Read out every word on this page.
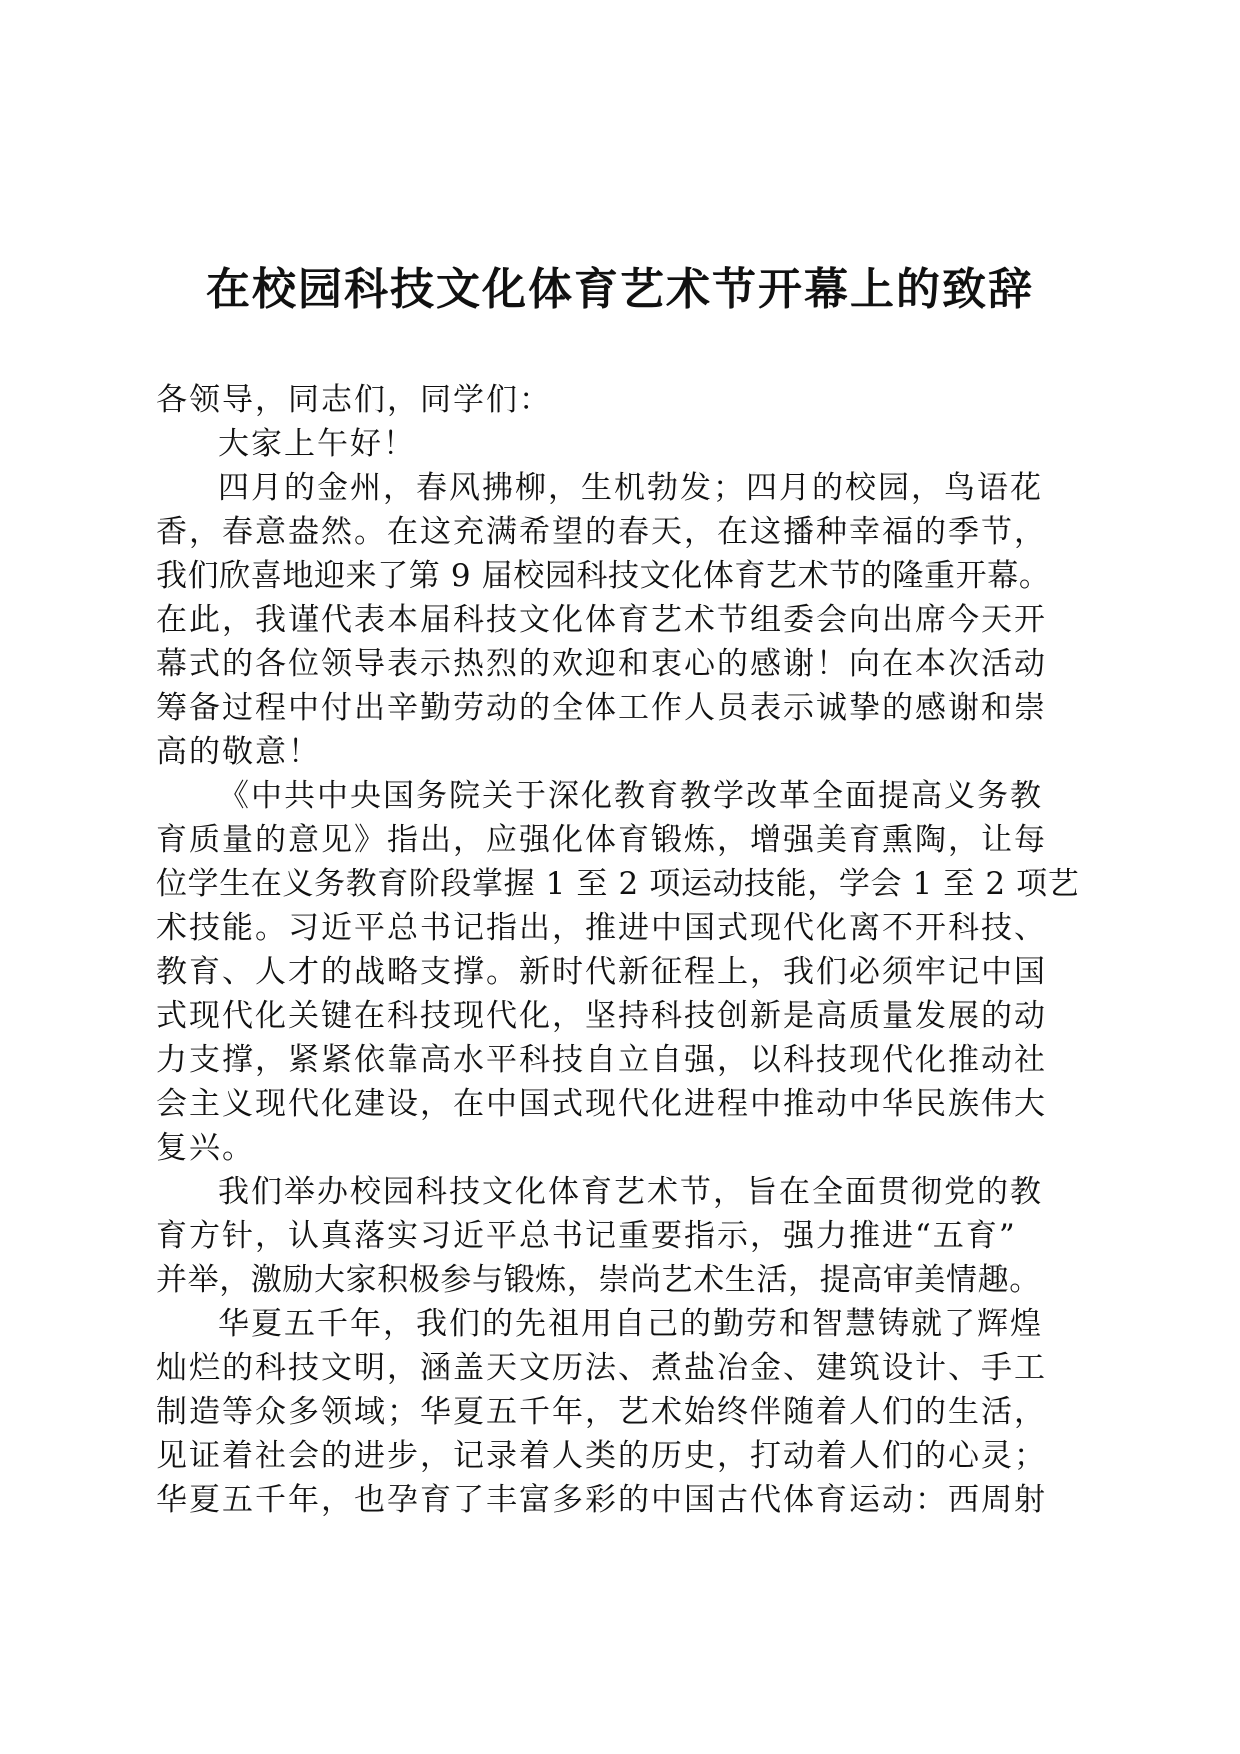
在校园科技文化体育艺术节开幕上的致辞

各领导，同志们，同学们：

大家上午好！

四月的金州，春风拂柳，生机勃发；四月的校园，鸟语花

香，春意盎然。在这充满希望的春天，在这播种幸福的季节，

我们欣喜地迎来了第 9 届校园科技文化体育艺术节的隆重开幕。

在此，我谨代表本届科技文化体育艺术节组委会向出席今天开

幕式的各位领导表示热烈的欢迎和衷心的感谢！向在本次活动

筹备过程中付出辛勤劳动的全体工作人员表示诚挚的感谢和崇

高的敬意！

《中共中央国务院关于深化教育教学改革全面提高义务教

育质量的意见》指出，应强化体育锻炼，增强美育熏陶，让每

位学生在义务教育阶段掌握 1 至 2 项运动技能，学会 1 至 2 项艺

术技能。习近平总书记指出，推进中国式现代化离不开科技、

教育、人才的战略支撑。新时代新征程上，我们必须牢记中国

式现代化关键在科技现代化，坚持科技创新是高质量发展的动

力支撑，紧紧依靠高水平科技自立自强，以科技现代化推动社

会主义现代化建设，在中国式现代化进程中推动中华民族伟大

复兴。

我们举办校园科技文化体育艺术节，旨在全面贯彻党的教

育方针，认真落实习近平总书记重要指示，强力推进“五育”

并举，激励大家积极参与锻炼，崇尚艺术生活，提高审美情趣。

华夏五千年，我们的先祖用自己的勤劳和智慧铸就了辉煌

灿烂的科技文明，涵盖天文历法、煮盐冶金、建筑设计、手工

制造等众多领域；华夏五千年，艺术始终伴随着人们的生活，

见证着社会的进步，记录着人类的历史，打动着人们的心灵；

华夏五千年，也孕育了丰富多彩的中国古代体育运动：西周射
